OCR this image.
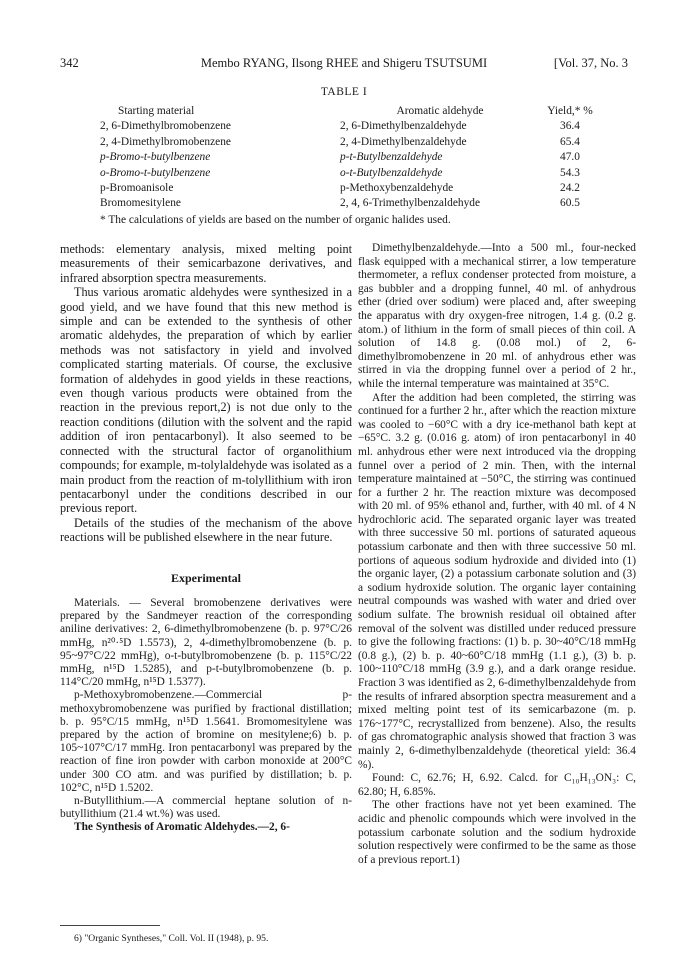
342	Membo RYANG, Ilsong RHEE and Shigeru TSUTSUMI	[Vol. 37, No. 3
TABLE I
Starting material	Aromatic aldehyde	Yield,* %
2, 6-Dimethylbromobenzene	2, 6-Dimethylbenzaldehyde	36.4
2, 4-Dimethylbromobenzene	2, 4-Dimethylbenzaldehyde	65.4
p-Bromo-t-butylbenzene	p-t-Butylbenzaldehyde	47.0
o-Bromo-t-butylbenzene	o-t-Butylbenzaldehyde	54.3
p-Bromoanisole	p-Methoxybenzaldehyde	24.2
Bromomesitylene	2, 4, 6-Trimethylbenzaldehyde	60.5
* The calculations of yields are based on the number of organic halides used.

methods: elementary analysis, mixed melting point measurements of their semicarbazone derivatives, and infrared absorption spectra measurements.

Thus various aromatic aldehydes were synthesized in a good yield, and we have found that this new method is simple and can be extended to the synthesis of other aromatic aldehydes, the preparation of which by earlier methods was not satisfactory in yield and involved complicated starting materials. Of course, the exclusive formation of aldehydes in good yields in these reactions, even though various products were obtained from the reaction in the previous report,2) is not due only to the reaction conditions (dilution with the solvent and the rapid addition of iron pentacarbonyl). It also seemed to be connected with the structural factor of organolithium compounds; for example, m-tolylaldehyde was isolated as a main product from the reaction of m-tolyllithium with iron pentacarbonyl under the conditions described in our previous report.

Details of the studies of the mechanism of the above reactions will be published elsewhere in the near future.

Experimental

Materials. — Several bromobenzene derivatives were prepared by the Sandmeyer reaction of the corresponding aniline derivatives: 2, 6-dimethylbromobenzene (b. p. 97°C/26 mmHg, n²⁰·⁵D 1.5573), 2, 4-dimethylbromobenzene (b. p. 95~97°C/22 mmHg), o-t-butylbromobenzene (b. p. 115°C/22 mmHg, n¹⁵D 1.5285), and p-t-butylbromobenzene (b. p. 114°C/20 mmHg, n¹⁵D 1.5377).

p-Methoxybromobenzene.—Commercial p-methoxybromobenzene was purified by fractional distillation; b. p. 95°C/15 mmHg, n¹⁵D 1.5641. Bromomesitylene was prepared by the action of bromine on mesitylene;6) b. p. 105~107°C/17 mmHg. Iron pentacarbonyl was prepared by the reaction of fine iron powder with carbon monoxide at 200°C under 300 CO atm. and was purified by distillation; b. p. 102°C, n¹⁵D 1.5202.

n-Butyllithium.—A commercial heptane solution of n-butyllithium (21.4 wt.%) was used.

The Synthesis of Aromatic Aldehydes.—2, 6-

Dimethylbenzaldehyde.—Into a 500 ml., four-necked flask equipped with a mechanical stirrer, a low temperature thermometer, a reflux condenser protected from moisture, a gas bubbler and a dropping funnel, 40 ml. of anhydrous ether (dried over sodium) were placed and, after sweeping the apparatus with dry oxygen-free nitrogen, 1.4 g. (0.2 g. atom.) of lithium in the form of small pieces of thin coil. A solution of 14.8 g. (0.08 mol.) of 2, 6-dimethylbromobenzene in 20 ml. of anhydrous ether was stirred in via the dropping funnel over a period of 2 hr., while the internal temperature was maintained at 35°C.

After the addition had been completed, the stirring was continued for a further 2 hr., after which the reaction mixture was cooled to −60°C with a dry ice-methanol bath kept at −65°C. 3.2 g. (0.016 g. atom) of iron pentacarbonyl in 40 ml. anhydrous ether were next introduced via the dropping funnel over a period of 2 min. Then, with the internal temperature maintained at −50°C, the stirring was continued for a further 2 hr. The reaction mixture was decomposed with 20 ml. of 95% ethanol and, further, with 40 ml. of 4 N hydrochloric acid. The separated organic layer was treated with three successive 50 ml. portions of saturated aqueous potassium carbonate and then with three successive 50 ml. portions of aqueous sodium hydroxide and divided into (1) the organic layer, (2) a potassium carbonate solution and (3) a sodium hydroxide solution. The organic layer containing neutral compounds was washed with water and dried over sodium sulfate. The brownish residual oil obtained after removal of the solvent was distilled under reduced pressure to give the following fractions: (1) b. p. 30~40°C/18 mmHg (0.8 g.), (2) b. p. 40~60°C/18 mmHg (1.1 g.), (3) b. p. 100~110°C/18 mmHg (3.9 g.), and a dark orange residue. Fraction 3 was identified as 2, 6-dimethylbenzaldehyde from the results of infrared absorption spectra measurement and a mixed melting point test of its semicarbazone (m. p. 176~177°C, recrystallized from benzene). Also, the results of gas chromatographic analysis showed that fraction 3 was mainly 2, 6-dimethylbenzaldehyde (theoretical yield: 36.4 %).

Found: C, 62.76; H, 6.92. Calcd. for C₁₀H₁₃ON₃: C, 62.80; H, 6.85%.

The other fractions have not yet been examined. The acidic and phenolic compounds which were involved in the potassium carbonate solution and the sodium hydroxide solution respectively were confirmed to be the same as those of a previous report.1)

6) "Organic Syntheses," Coll. Vol. II (1948), p. 95.
